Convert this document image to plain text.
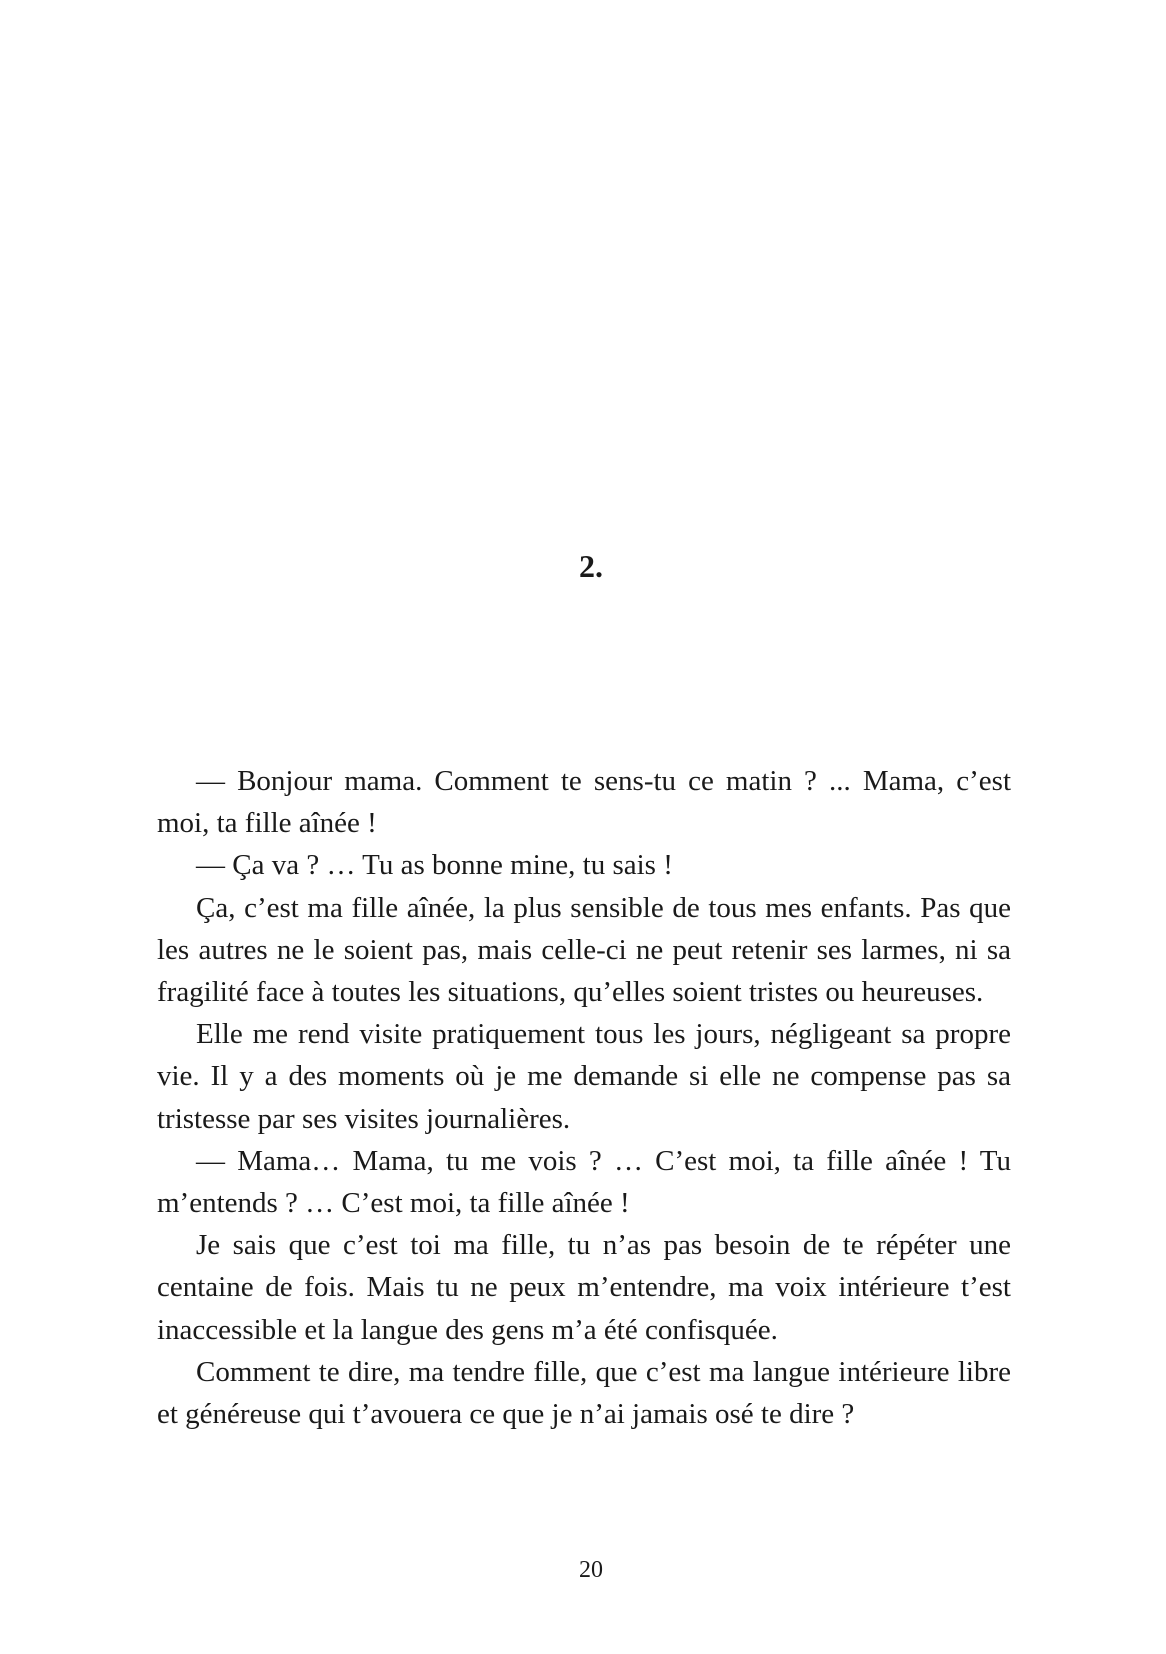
2.

— Bonjour mama. Comment te sens-tu ce matin ? ... Mama, c’est moi, ta fille aînée !

— Ça va ? … Tu as bonne mine, tu sais !

Ça, c’est ma fille aînée, la plus sensible de tous mes enfants. Pas que les autres ne le soient pas, mais celle-ci ne peut retenir ses larmes, ni sa fragilité face à toutes les situations, qu’elles soient tristes ou heureuses.

Elle me rend visite pratiquement tous les jours, négligeant sa propre vie. Il y a des moments où je me demande si elle ne compense pas sa tristesse par ses visites journalières.

— Mama… Mama, tu me vois ? … C’est moi, ta fille aînée ! Tu m’entends ? … C’est moi, ta fille aînée !

Je sais que c’est toi ma fille, tu n’as pas besoin de te répéter une centaine de fois. Mais tu ne peux m’entendre, ma voix intérieure t’est inaccessible et la langue des gens m’a été confisquée.

Comment te dire, ma tendre fille, que c’est ma langue intérieure libre et généreuse qui t’avouera ce que je n’ai jamais osé te dire ?

20
